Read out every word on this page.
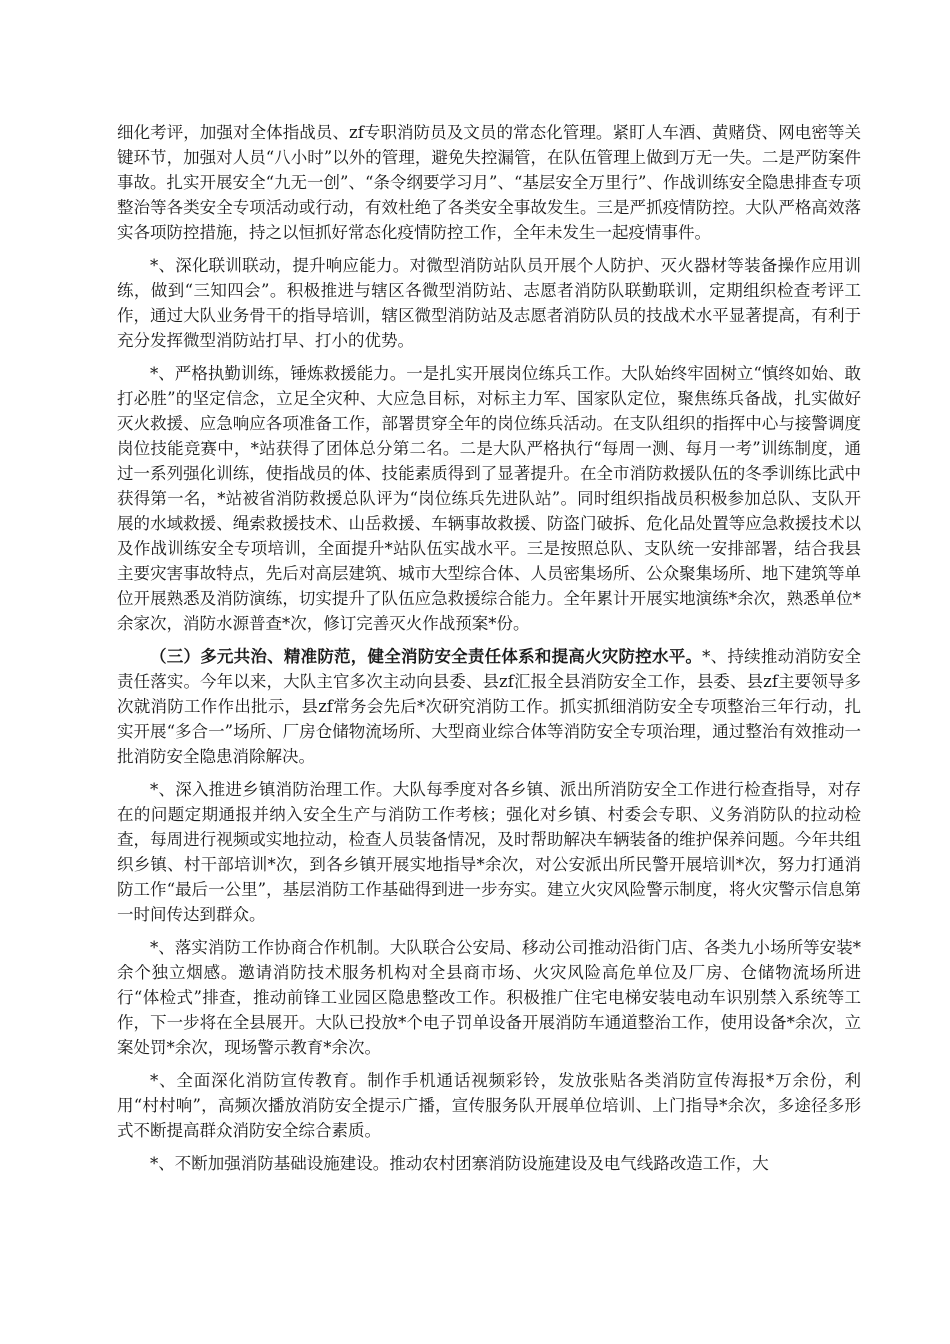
细化考评，加强对全体指战员、zf专职消防员及文员的常态化管理。紧盯人车酒、黄赌贷、网电密等关键环节，加强对人员“八小时”以外的管理，避免失控漏管，在队伍管理上做到万无一失。二是严防案件事故。扎实开展安全“九无一创”、“条令纲要学习月”、“基层安全万里行”、作战训练安全隐患排查专项整治等各类安全专项活动或行动，有效杜绝了各类安全事故发生。三是严抓疫情防控。大队严格高效落实各项防控措施，持之以恒抓好常态化疫情防控工作，全年未发生一起疫情事件。

*、深化联训联动，提升响应能力。对微型消防站队员开展个人防护、灭火器材等装备操作应用训练，做到“三知四会”。积极推进与辖区各微型消防站、志愿者消防队联勤联训，定期组织检查考评工作，通过大队业务骨干的指导培训，辖区微型消防站及志愿者消防队员的技战术水平显著提高，有利于充分发挥微型消防站打早、打小的优势。

*、严格执勤训练，锤炼救援能力。一是扎实开展岗位练兵工作。大队始终牢固树立“慎终如始、敢打必胜”的坚定信念，立足全灾种、大应急目标，对标主力军、国家队定位，聚焦练兵备战，扎实做好灭火救援、应急响应各项准备工作，部署贯穿全年的岗位练兵活动。在支队组织的指挥中心与接警调度岗位技能竞赛中，*站获得了团体总分第二名。二是大队严格执行“每周一测、每月一考”训练制度，通过一系列强化训练，使指战员的体、技能素质得到了显著提升。在全市消防救援队伍的冬季训练比武中获得第一名，*站被省消防救援总队评为“岗位练兵先进队站”。同时组织指战员积极参加总队、支队开展的水域救援、绳索救援技术、山岳救援、车辆事故救援、防盗门破拆、危化品处置等应急救援技术以及作战训练安全专项培训，全面提升*站队伍实战水平。三是按照总队、支队统一安排部署，结合我县主要灾害事故特点，先后对高层建筑、城市大型综合体、人员密集场所、公众聚集场所、地下建筑等单位开展熟悉及消防演练，切实提升了队伍应急救援综合能力。全年累计开展实地演练*余次，熟悉单位*余家次，消防水源普查*次，修订完善灭火作战预案*份。

（三）多元共治、精准防范，健全消防安全责任体系和提高火灾防控水平。*、持续推动消防安全责任落实。今年以来，大队主官多次主动向县委、县zf汇报全县消防安全工作，县委、县zf主要领导多次就消防工作作出批示，县zf常务会先后*次研究消防工作。抓实抓细消防安全专项整治三年行动，扎实开展“多合一”场所、厂房仓储物流场所、大型商业综合体等消防安全专项治理，通过整治有效推动一批消防安全隐患消除解决。

*、深入推进乡镇消防治理工作。大队每季度对各乡镇、派出所消防安全工作进行检查指导，对存在的问题定期通报并纳入安全生产与消防工作考核；强化对乡镇、村委会专职、义务消防队的拉动检查，每周进行视频或实地拉动，检查人员装备情况，及时帮助解决车辆装备的维护保养问题。今年共组织乡镇、村干部培训*次，到各乡镇开展实地指导*余次，对公安派出所民警开展培训*次，努力打通消防工作“最后一公里”，基层消防工作基础得到进一步夯实。建立火灾风险警示制度，将火灾警示信息第一时间传达到群众。

*、落实消防工作协商合作机制。大队联合公安局、移动公司推动沿街门店、各类九小场所等安装*余个独立烟感。邀请消防技术服务机构对全县商市场、火灾风险高危单位及厂房、仓储物流场所进行“体检式”排查，推动前锋工业园区隐患整改工作。积极推广住宅电梯安装电动车识别禁入系统等工作，下一步将在全县展开。大队已投放*个电子罚单设备开展消防车通道整治工作，使用设备*余次，立案处罚*余次，现场警示教育*余次。

*、全面深化消防宣传教育。制作手机通话视频彩铃，发放张贴各类消防宣传海报*万余份，利用“村村响”，高频次播放消防安全提示广播，宣传服务队开展单位培训、上门指导*余次，多途径多形式不断提高群众消防安全综合素质。

*、不断加强消防基础设施建设。推动农村团寨消防设施建设及电气线路改造工作，大
